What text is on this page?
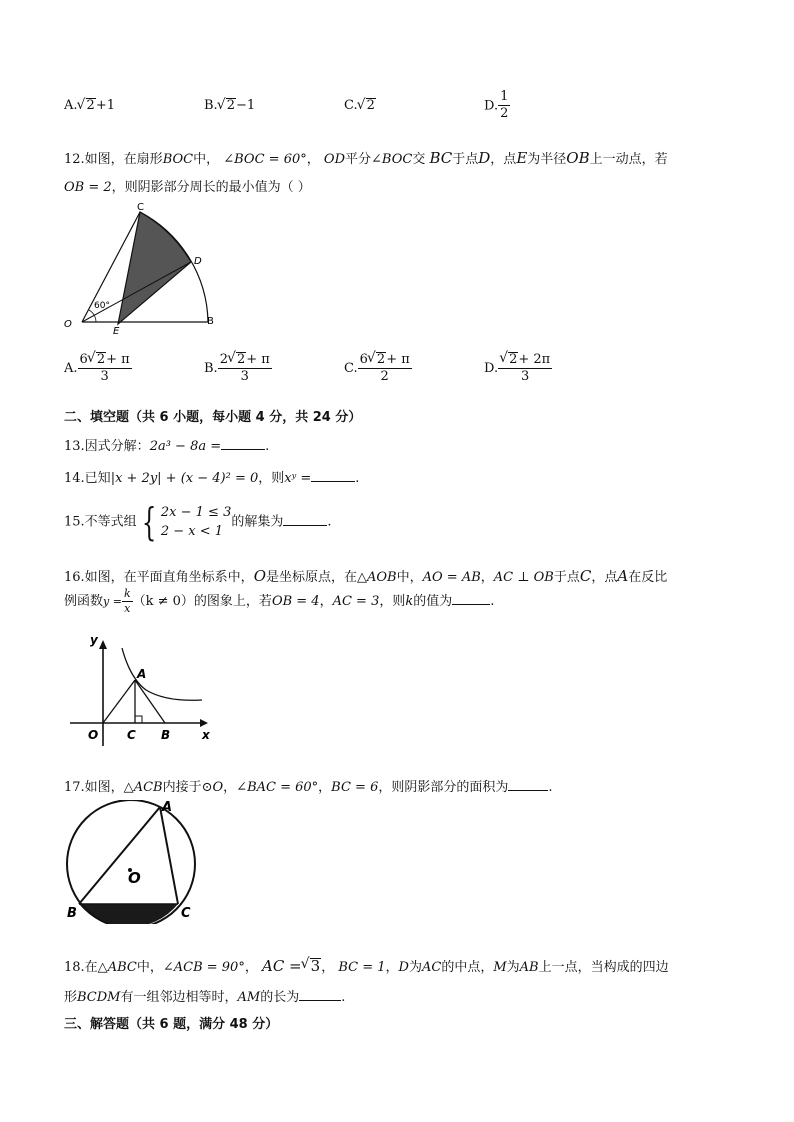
A. √ 2+1	B. √ 2−1	C. √ 2	D. $\frac{1}{2}$
12.如图，在扇形BOC中， ∠BOC = 60°， OD平分∠BOC交 BC于点D，点E为半径OB上一动点，若
OB = 2，则阴影部分周长的最小值为（ ）
C
D
O
E
B
60°
A. $\frac{6 √ 2+ \pi}{3}$	B. $\frac{2 √ 2+ \pi}{3}$	C. $\frac{6 √ 2+ \pi}{2}$	D. √ $\frac{2+ 2\pi}{3}$
二、填空题（共 6 小题，每小题 4 分，共 24 分）
13.因式分解：2a³ − 8a =	.
14.已知|x + 2y| + (x − 4)² = 0，则xʸ =	.
15.不等式组 { 2x − 1 ≤ 3
2 − x < 1
的解集为	.
16.如图，在平面直角坐标系中，O是坐标原点，在△AOB中，AO = AB，AC ⊥ OB于点C，点A在反比
例函数$y = \frac{k}{x} (k \ne 0)$的图象上，若OB = 4，AC = 3，则k的值为	.
y
A
O C B	x
17.如图，△ACB内接于⊙O，∠BAC = 60°，BC = 6，则阴影部分的面积为	.
A
O
B	C
18.在△ABC中，∠ACB = 90°， AC = √ 3， BC = 1，D为AC的中点，M为AB上一点，当构成的四边
形BCDM有一组邻边相等时，AM的长为	.
三、解答题（共 6 题，满分 48 分）
